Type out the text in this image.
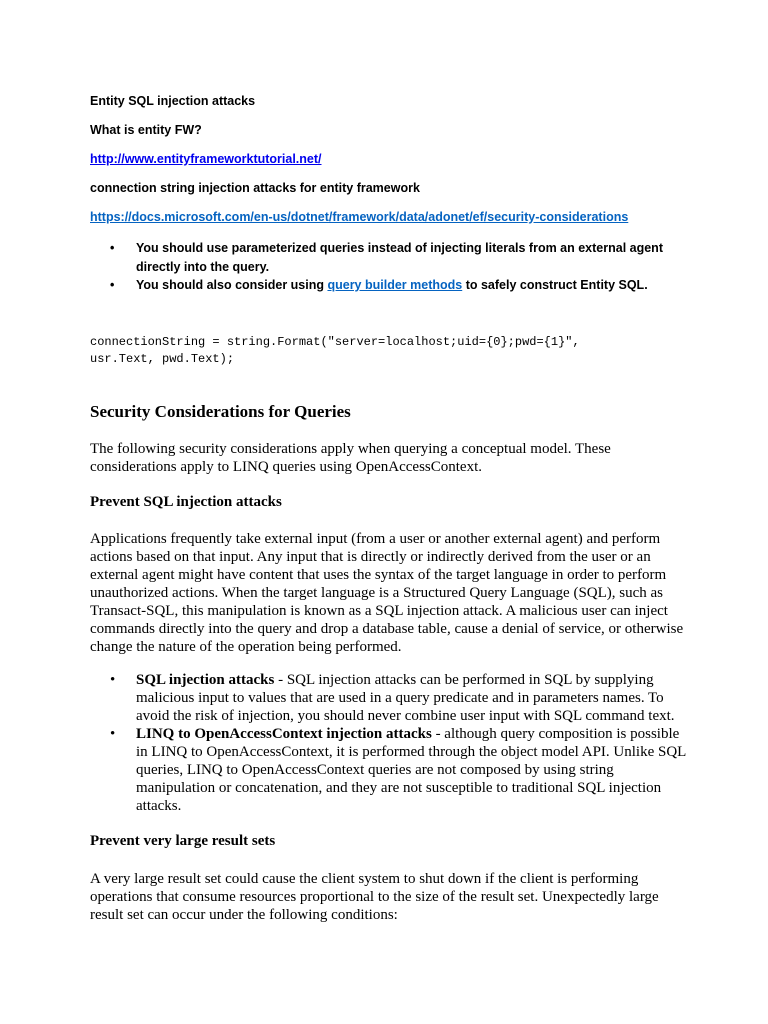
Entity SQL injection attacks

What is entity FW?

http://www.entityframeworktutorial.net/

connection string injection attacks for entity framework

https://docs.microsoft.com/en-us/dotnet/framework/data/adonet/ef/security-considerations
• You should use parameterized queries instead of injecting literals from an external agent directly into the query.
• You should also consider using query builder methods to safely construct Entity SQL.
connectionString = string.Format("server=localhost;uid={0};pwd={1}",
usr.Text, pwd.Text);
Security Considerations for Queries

The following security considerations apply when querying a conceptual model. These considerations apply to LINQ queries using OpenAccessContext.

Prevent SQL injection attacks

Applications frequently take external input (from a user or another external agent) and perform actions based on that input. Any input that is directly or indirectly derived from the user or an external agent might have content that uses the syntax of the target language in order to perform unauthorized actions. When the target language is a Structured Query Language (SQL), such as Transact-SQL, this manipulation is known as a SQL injection attack. A malicious user can inject commands directly into the query and drop a database table, cause a denial of service, or otherwise change the nature of the operation being performed.

• SQL injection attacks - SQL injection attacks can be performed in SQL by supplying malicious input to values that are used in a query predicate and in parameters names. To avoid the risk of injection, you should never combine user input with SQL command text.
• LINQ to OpenAccessContext injection attacks - although query composition is possible in LINQ to OpenAccessContext, it is performed through the object model API. Unlike SQL queries, LINQ to OpenAccessContext queries are not composed by using string manipulation or concatenation, and they are not susceptible to traditional SQL injection attacks.
Prevent very large result sets

A very large result set could cause the client system to shut down if the client is performing operations that consume resources proportional to the size of the result set. Unexpectedly large result set can occur under the following conditions:
